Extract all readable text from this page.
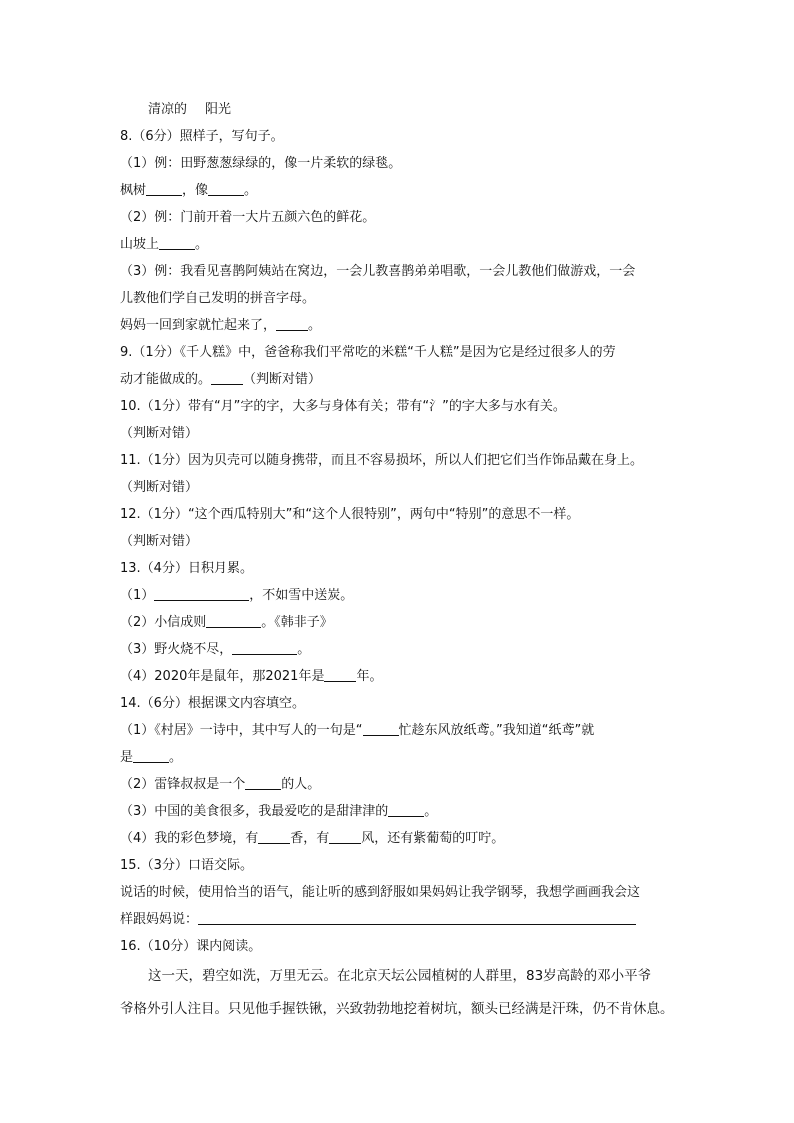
清凉的 阳光
8.（6分）照样子，写句子。
（1）例：田野葱葱绿绿的，像一片柔软的绿毯。
枫树	，像	。
（2）例：门前开着一大片五颜六色的鲜花。
山坡上	。
（3）例：我看见喜鹊阿姨站在窝边，一会儿教喜鹊弟弟唱歌，一会儿教他们做游戏，一会
儿教他们学自己发明的拼音字母。
妈妈一回到家就忙起来了， 。
9.（1分）《千人糕》中，爸爸称我们平常吃的米糕“千人糕”是因为它是经过很多人的劳
动才能做成的。 （判断对错）
10.（1分）带有“月”字的字，大多与身体有关；带有“氵”的字大多与水有关。
（判断对错）
11.（1分）因为贝壳可以随身携带，而且不容易损坏，所以人们把它们当作饰品戴在身上。
（判断对错）
12.（1分）“这个西瓜特别大”和“这个人很特别”，两句中“特别”的意思不一样。
（判断对错）
13.（4分）日积月累。
（1）	，不如雪中送炭。
（2）小信成则	。《韩非子》
（3）野火烧不尽，	。
（4）2020年是鼠年，那2021年是 年。
14.（6分）根据课文内容填空。
（1）《村居》一诗中，其中写人的一句是“	忙趁东风放纸鸢。”我知道“纸鸢”就
是	。
（2）雷锋叔叔是一个	的人。
（3）中国的美食很多，我最爱吃的是甜津津的	。
（4）我的彩色梦境，有 香，有 风，还有紫葡萄的叮咛。
15.（3分）口语交际。
说话的时候，使用恰当的语气，能让听的感到舒服如果妈妈让我学钢琴，我想学画画我会这
样跟妈妈说：
16.（10分）课内阅读。
这一天，碧空如洗，万里无云。在北京天坛公园植树的人群里，83岁高龄的邓小平爷
爷格外引人注目。只见他手握铁锹，兴致勃勃地挖着树坑，额头已经满是汗珠，仍不肯休息。
